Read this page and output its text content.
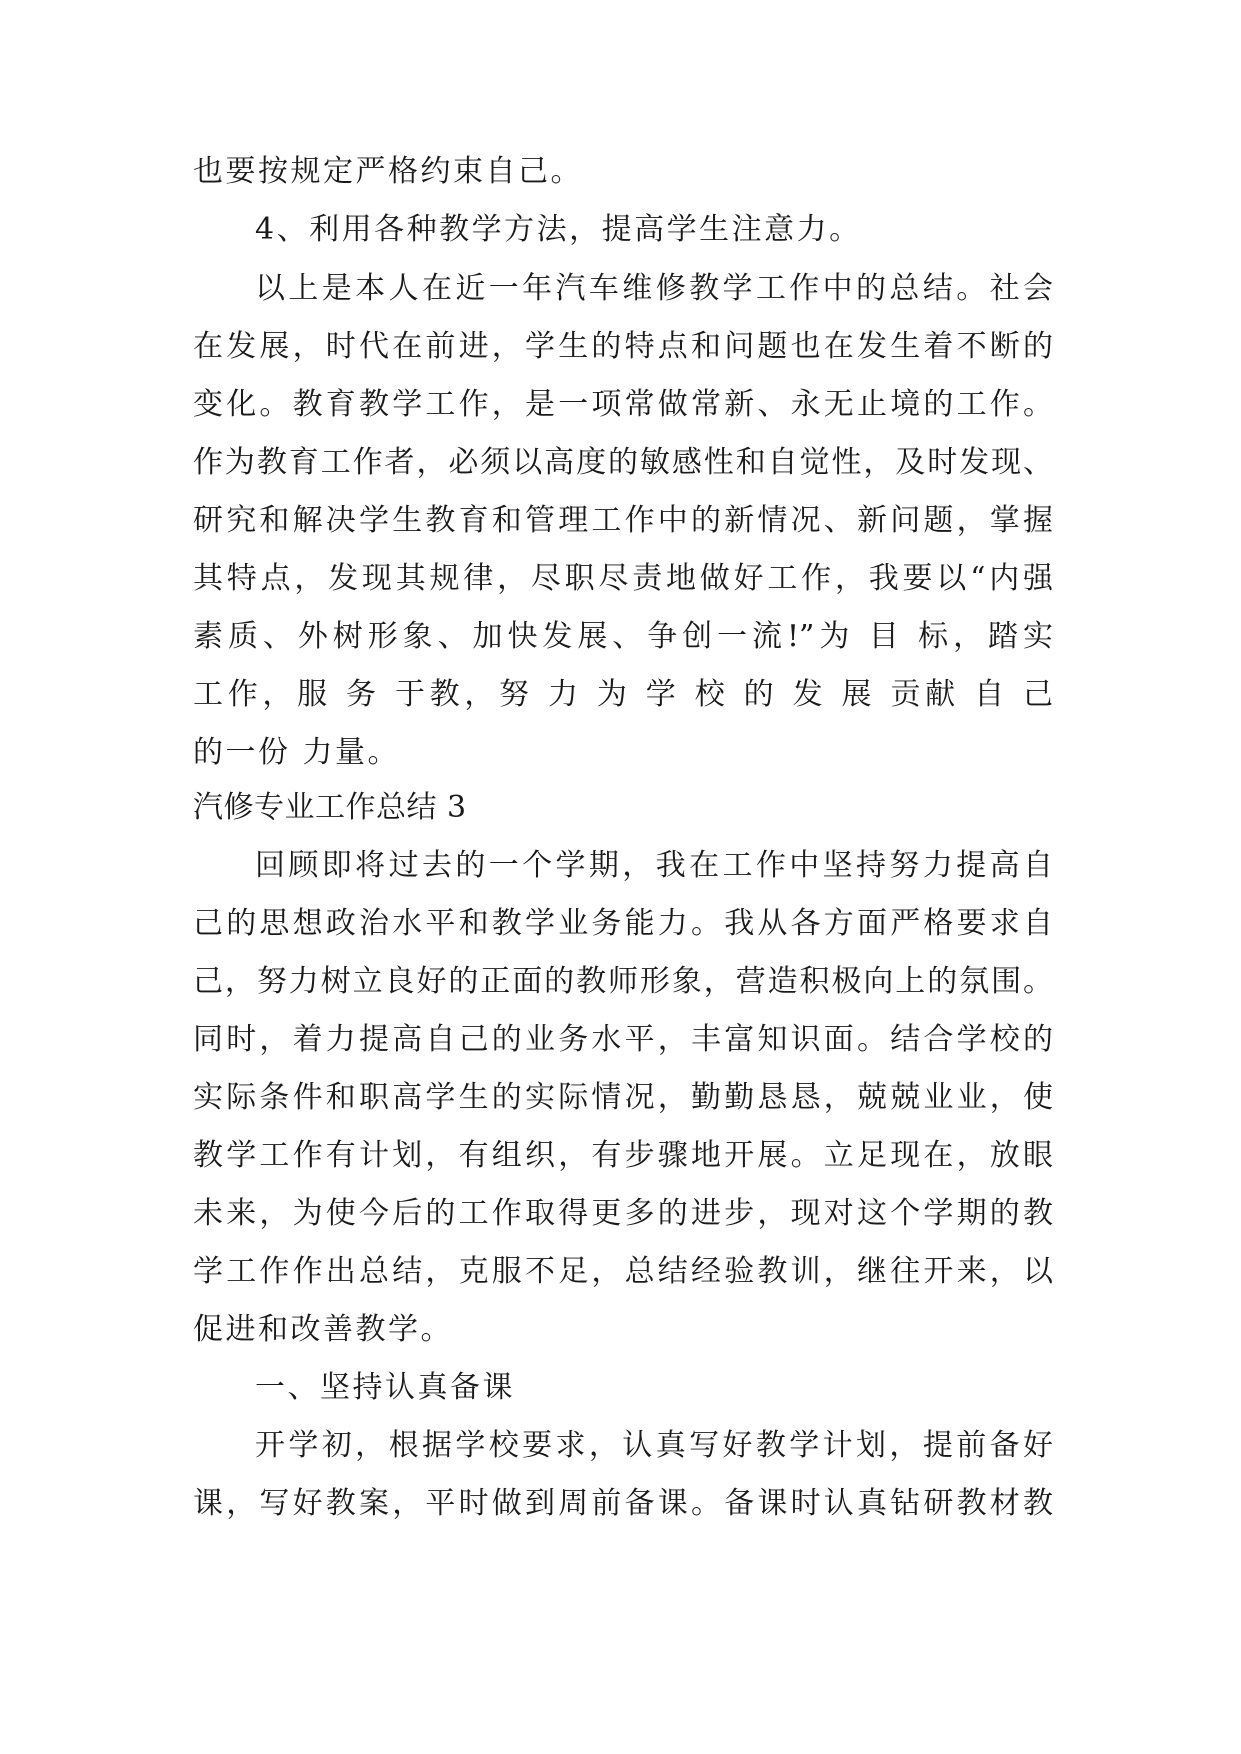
也要按规定严格约束自己。
4、利用各种教学方法，提高学生注意力。
以上是本人在近一年汽车维修教学工作中的总结。社会
在发展，时代在前进，学生的特点和问题也在发生着不断的
变化。教育教学工作，是一项常做常新、永无止境的工作。
作为教育工作者，必须以高度的敏感性和自觉性，及时发现、
研究和解决学生教育和管理工作中的新情况、新问题，掌握
其特点，发现其规律，尽职尽责地做好工作，我要以“内强
素质、外树形象、加快发展、争创一流!”为 目 标，踏实
工作，服 务 于教，努 力 为 学 校 的 发 展 贡献 自 己
的一份 力量。
汽修专业工作总结 3
回顾即将过去的一个学期，我在工作中坚持努力提高自
己的思想政治水平和教学业务能力。我从各方面严格要求自
己，努力树立良好的正面的教师形象，营造积极向上的氛围。
同时，着力提高自己的业务水平，丰富知识面。结合学校的
实际条件和职高学生的实际情况，勤勤恳恳，兢兢业业，使
教学工作有计划，有组织，有步骤地开展。立足现在，放眼
未来，为使今后的工作取得更多的进步，现对这个学期的教
学工作作出总结，克服不足，总结经验教训，继往开来，以
促进和改善教学。
一、坚持认真备课
开学初，根据学校要求，认真写好教学计划，提前备好
课，写好教案，平时做到周前备课。备课时认真钻研教材教
